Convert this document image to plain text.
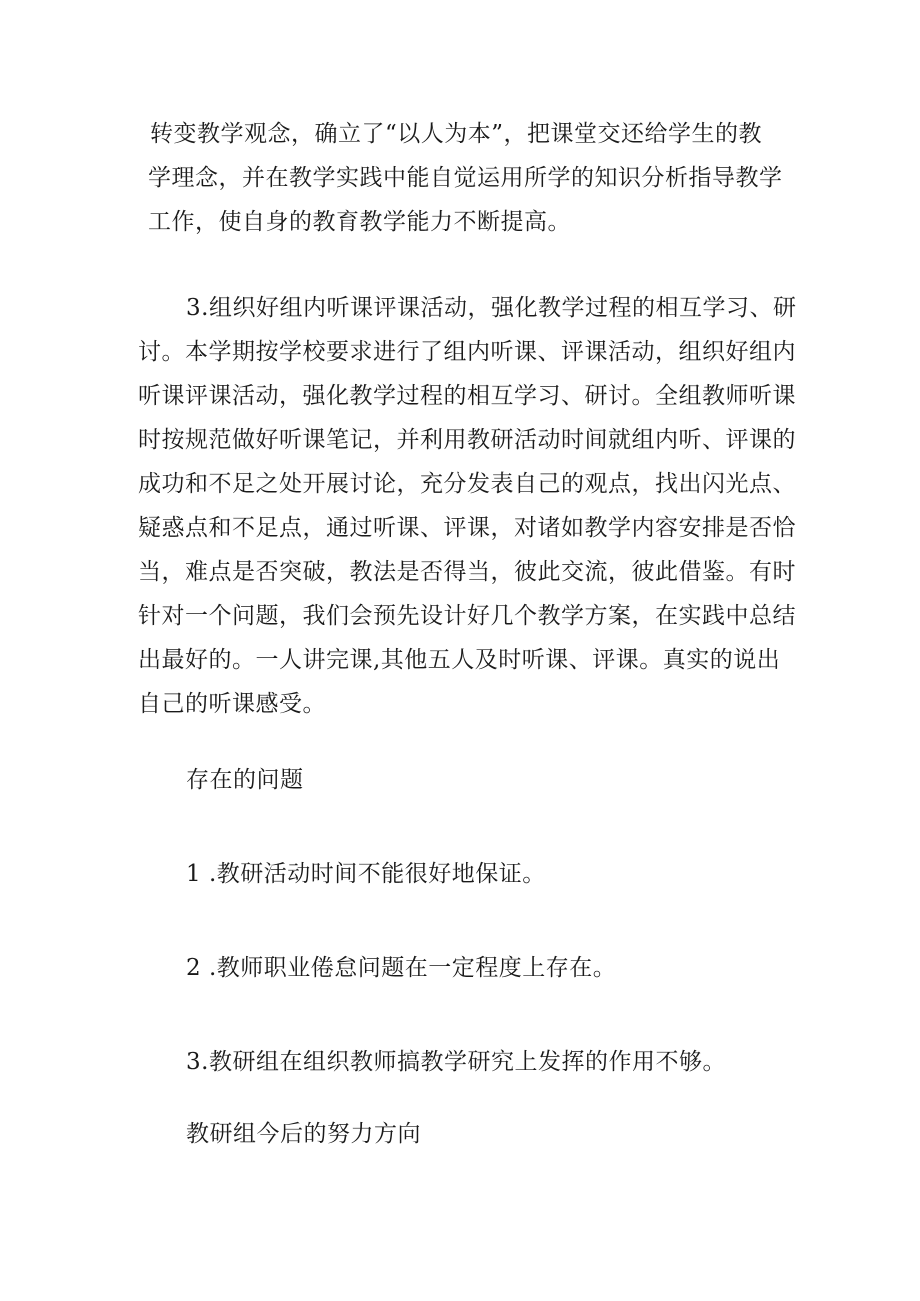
转变教学观念，确立了“以人为本”，把课堂交还给学生的教
学理念，并在教学实践中能自觉运用所学的知识分析指导教学
工作，使自身的教育教学能力不断提高。
3.组织好组内听课评课活动，强化教学过程的相互学习、研
讨。本学期按学校要求进行了组内听课、评课活动，组织好组内
听课评课活动，强化教学过程的相互学习、研讨。全组教师听课
时按规范做好听课笔记，并利用教研活动时间就组内听、评课的
成功和不足之处开展讨论，充分发表自己的观点，找出闪光点、
疑惑点和不足点，通过听课、评课，对诸如教学内容安排是否恰
当，难点是否突破，教法是否得当，彼此交流，彼此借鉴。有时
针对一个问题，我们会预先设计好几个教学方案，在实践中总结
出最好的。一人讲完课,其他五人及时听课、评课。真实的说出
自己的听课感受。
存在的问题
1 .教研活动时间不能很好地保证。
2 .教师职业倦怠问题在一定程度上存在。
3.教研组在组织教师搞教学研究上发挥的作用不够。
教研组今后的努力方向
